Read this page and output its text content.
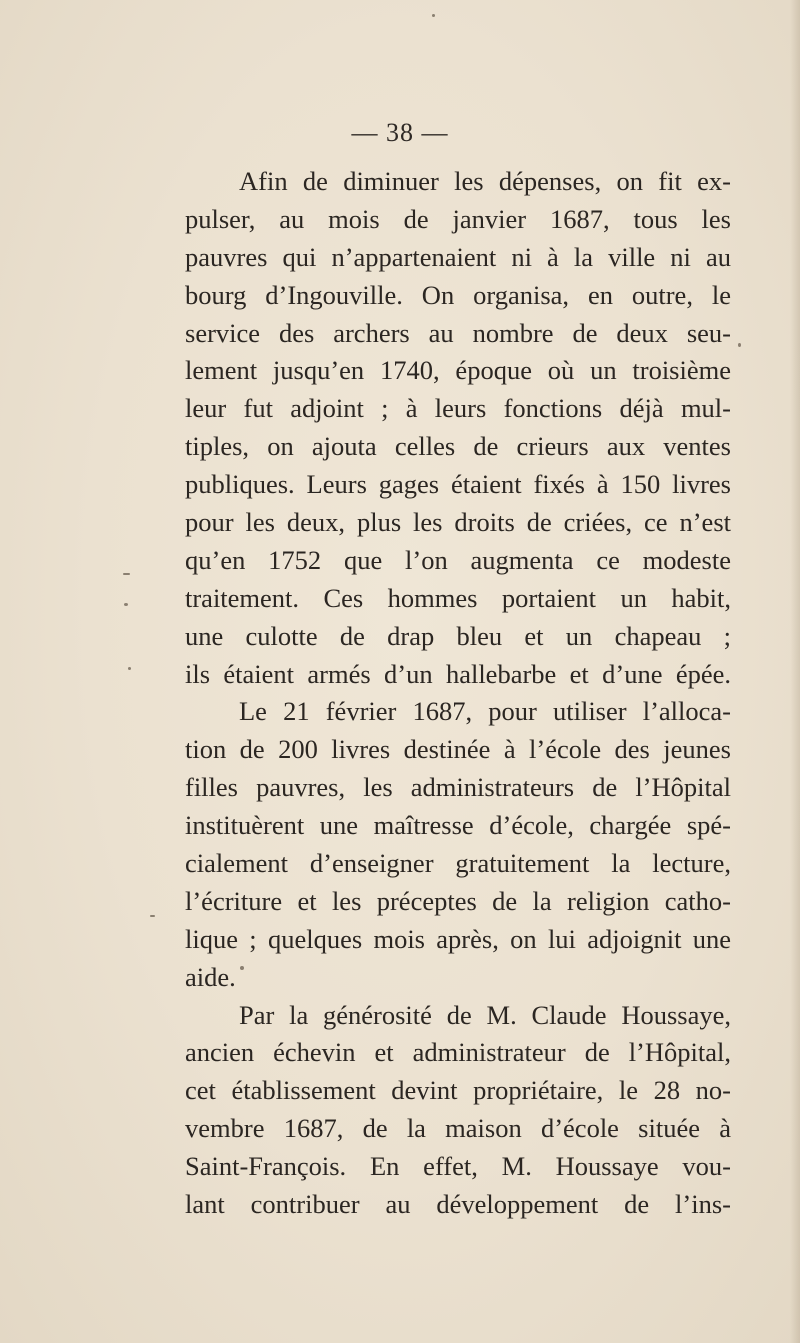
— 38 —

Afin de diminuer les dépenses, on fit ex-
pulser, au mois de janvier 1687, tous les
pauvres qui n’appartenaient ni à la ville ni au
bourg d’Ingouville. On organisa, en outre, le
service des archers au nombre de deux seu-
lement jusqu’en 1740, époque où un troisième
leur fut adjoint ; à leurs fonctions déjà mul-
tiples, on ajouta celles de crieurs aux ventes
publiques. Leurs gages étaient fixés à 150 livres
pour les deux, plus les droits de criées, ce n’est
qu’en 1752 que l’on augmenta ce modeste
traitement. Ces hommes portaient un habit,
une culotte de drap bleu et un chapeau ;
ils étaient armés d’un hallebarbe et d’une épée.

Le 21 février 1687, pour utiliser l’alloca-
tion de 200 livres destinée à l’école des jeunes
filles pauvres, les administrateurs de l’Hôpital
instituèrent une maîtresse d’école, chargée spé-
cialement d’enseigner gratuitement la lecture,
l’écriture et les préceptes de la religion catho-
lique ; quelques mois après, on lui adjoignit une
aide.

Par la générosité de M. Claude Houssaye,
ancien échevin et administrateur de l’Hôpital,
cet établissement devint propriétaire, le 28 no-
vembre 1687, de la maison d’école située à
Saint-François. En effet, M. Houssaye vou-
lant contribuer au développement de l’ins-
